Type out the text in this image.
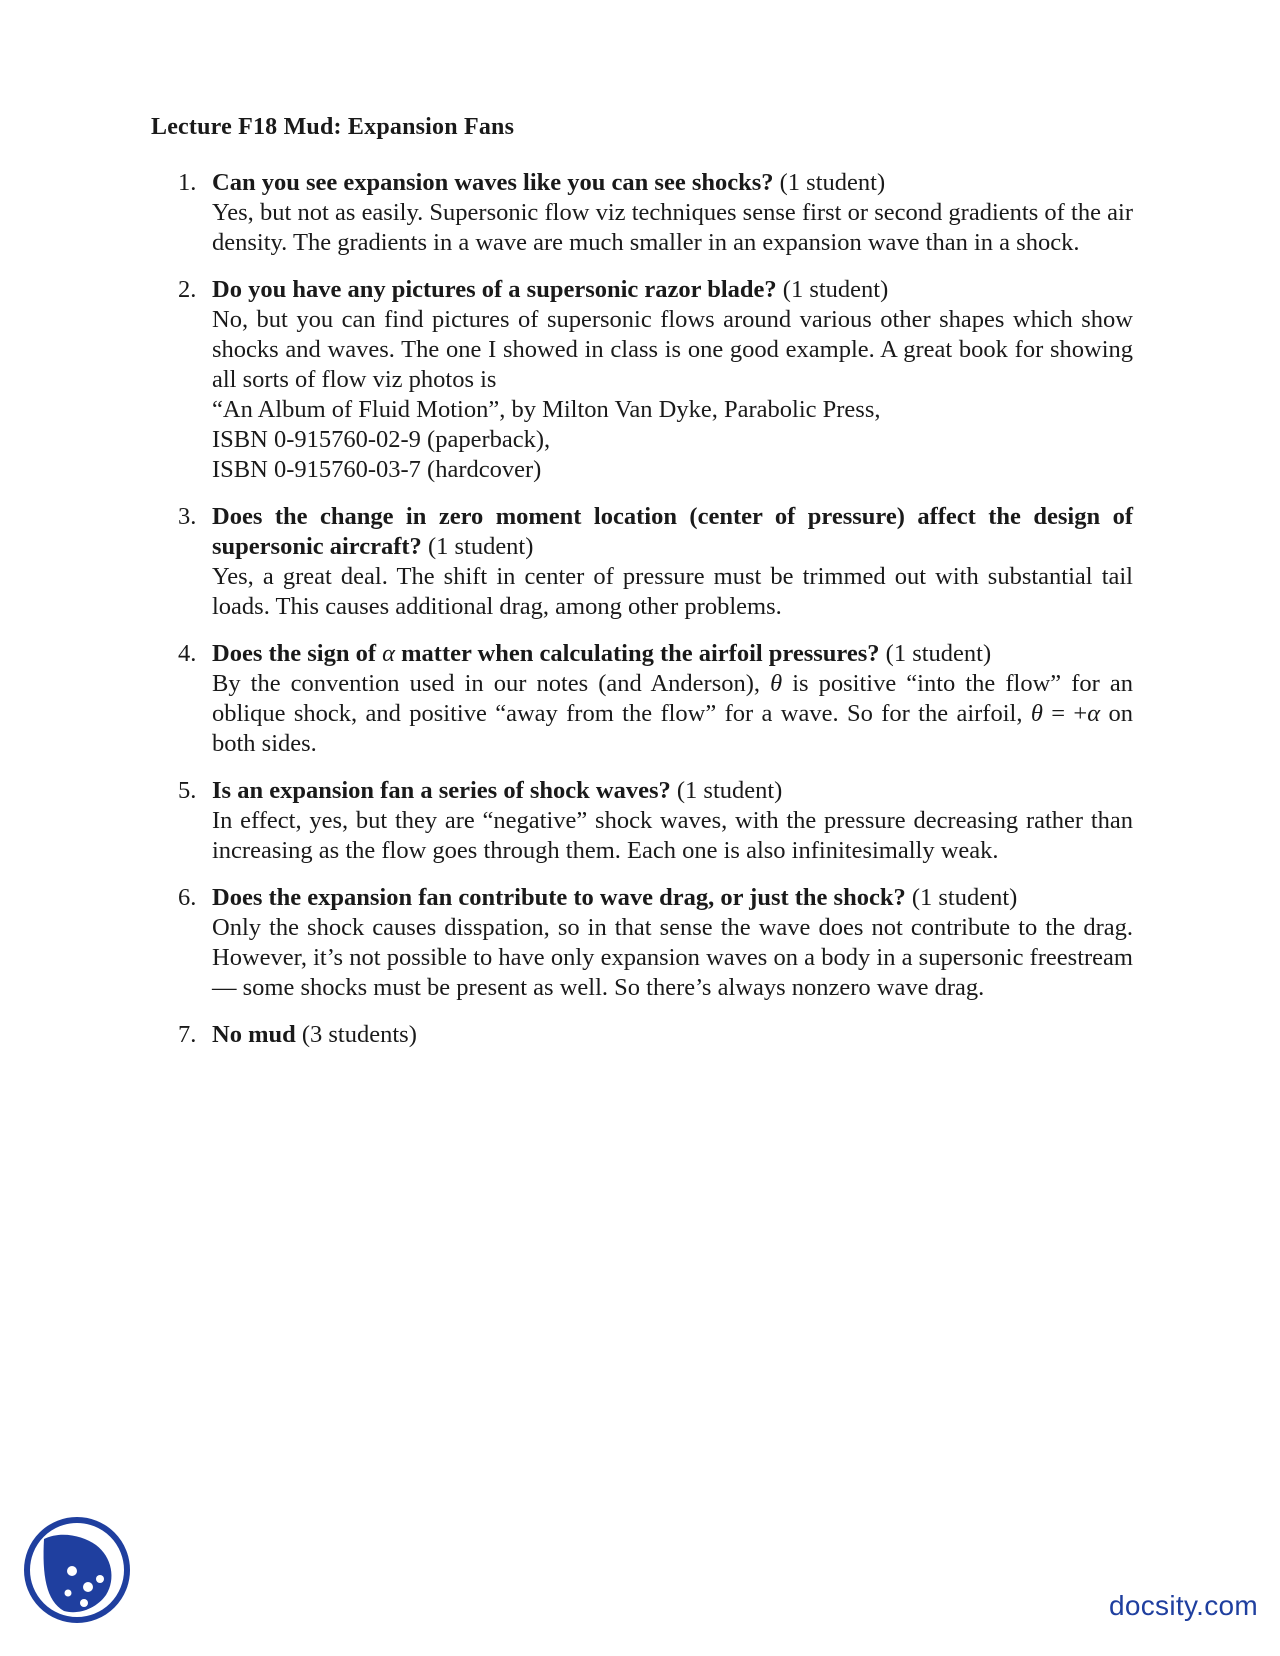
Lecture F18 Mud: Expansion Fans
1. Can you see expansion waves like you can see shocks? (1 student)
Yes, but not as easily. Supersonic flow viz techniques sense first or second gradients of the air density. The gradients in a wave are much smaller in an expansion wave than in a shock.
2. Do you have any pictures of a supersonic razor blade? (1 student)
No, but you can find pictures of supersonic flows around various other shapes which show shocks and waves. The one I showed in class is one good example. A great book for showing all sorts of flow viz photos is
“An Album of Fluid Motion”, by Milton Van Dyke, Parabolic Press,
ISBN 0-915760-02-9 (paperback),
ISBN 0-915760-03-7 (hardcover)
3. Does the change in zero moment location (center of pressure) affect the design of supersonic aircraft? (1 student)
Yes, a great deal. The shift in center of pressure must be trimmed out with substantial tail loads. This causes additional drag, among other problems.
4. Does the sign of α matter when calculating the airfoil pressures? (1 student)
By the convention used in our notes (and Anderson), θ is positive “into the flow” for an oblique shock, and positive “away from the flow” for a wave. So for the airfoil, θ = +α on both sides.
5. Is an expansion fan a series of shock waves? (1 student)
In effect, yes, but they are “negative” shock waves, with the pressure decreasing rather than increasing as the flow goes through them. Each one is also infinitesimally weak.
6. Does the expansion fan contribute to wave drag, or just the shock? (1 student)
Only the shock causes disspation, so in that sense the wave does not contribute to the drag. However, it’s not possible to have only expansion waves on a body in a supersonic freestream — some shocks must be present as well. So there’s always nonzero wave drag.
7. No mud (3 students)
docsity.com
